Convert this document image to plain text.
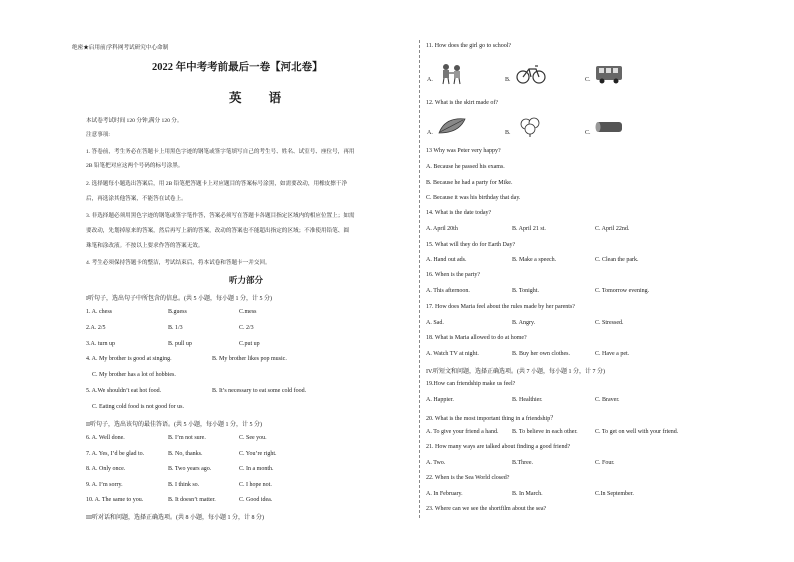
绝密★启用前|学科网考试研究中心命制
2022 年中考考前最后一卷【河北卷】
英 语
本试卷考试时间 120 分钟,满分 120 分。
注意事项:
1. 答卷前，考生务必在答题卡上用黑色字迹的钢笔或签字笔填写自己的考生号、姓名、试室号、座位号，再用
2B 铅笔把对应这两个号码的标号涂黑。
2. 选择题每小题选出答案后，用 2B 铅笔把答题卡上对应题目的答案标号涂黑，如需要改动，用橡皮擦干净
后，再选涂其他答案，不能答在试卷上。
3. 非选择题必须用黑色字迹的钢笔或签字笔作答，答案必须写在答题卡各题目指定区域内的相应位置上；如需
要改动，先划掉原来的答案，然后再写上新的答案，改动的答案也不能超出指定的区域；不准使用铅笔、圆
珠笔和涂改液。不按以上要求作答的答案无效。
4. 考生必须保持答题卡的整洁，考试结束后，将本试卷和答题卡一并交回。
听力部分
I听句子，选出句子中所包含的信息。(共 5 小题，每小题 1 分，计 5 分)
1. A. chess	B.guess	C.mess
2.A. 2/5	B. 1/3	C. 2/3
3.A. turn up	B. pull up	C.put up
4. A. My brother is good at singing.	B. My brother likes pop music.
C. My brother has a lot of hobbies.
5. A.We shouldn’t eat hot food.	B. It’s necessary to eat some cold food.
C. Eating cold food is not good for us.
II听句子，选出该句的最佳答语。(共 5 小题，每小题 1 分，计 5 分)
6. A. Well done.	B. I’m not sure.	C. See you.
7. A. Yes, I’d be glad to.	B. No, thanks.	C. You’re right.
8. A. Only once.	B. Two years ago.	C. In a month.
9. A. I’m sorry.	B. I think so.	C. I hope not.
10. A. The same to you.	B. It doesn’t matter.	C. Good idea.
III听对话和问题，选择正确选项。(共 8 小题，每小题 1 分，计 8 分)
11. How does the girl go to school?
A.	B.	C.
12. What is the skirt made of?
A.	B.	C.
13 Why was Peter very happy?
A. Because he passed his exams.
B. Because he had a party for Mike.
C. Because it was his birthday that day.
14. What is the date today?
A. April 20th	B. April 21 st.	C. April 22nd.
15. What will they do for Earth Day?
A. Hand out ads.	B. Make a speech.	C. Clean the park.
16. When is the party?
A. This afternoon.	B. Tonight.	C. Tomorrow evening.
17. How does Maria feel about the rules made by her parents?
A. Sad.	B. Angry.	C. Stressed.
18. What is Maria allowed to do at home?
A. Watch TV at night.	B. Buy her own clothes.	C. Have a pet.
IV.听短文和问题，选择正确选项。(共 7 小题，每小题 1 分，计 7 分)
19.How can friendship make us feel?
A. Happier.	B. Healthier.	C. Braver.
20. What is the most important thing in a friendship？
A. To give your friend a hand. B. To believe in each other.	C. To get on well with your friend.
21. How many ways are talked about finding a good friend?
A. Two.	B.Three.	C. Four.
22. When is the Sea World closed?
A. In February.	B. In March.	C.In September.
23. Where can we see the shortfilm about the sea?
